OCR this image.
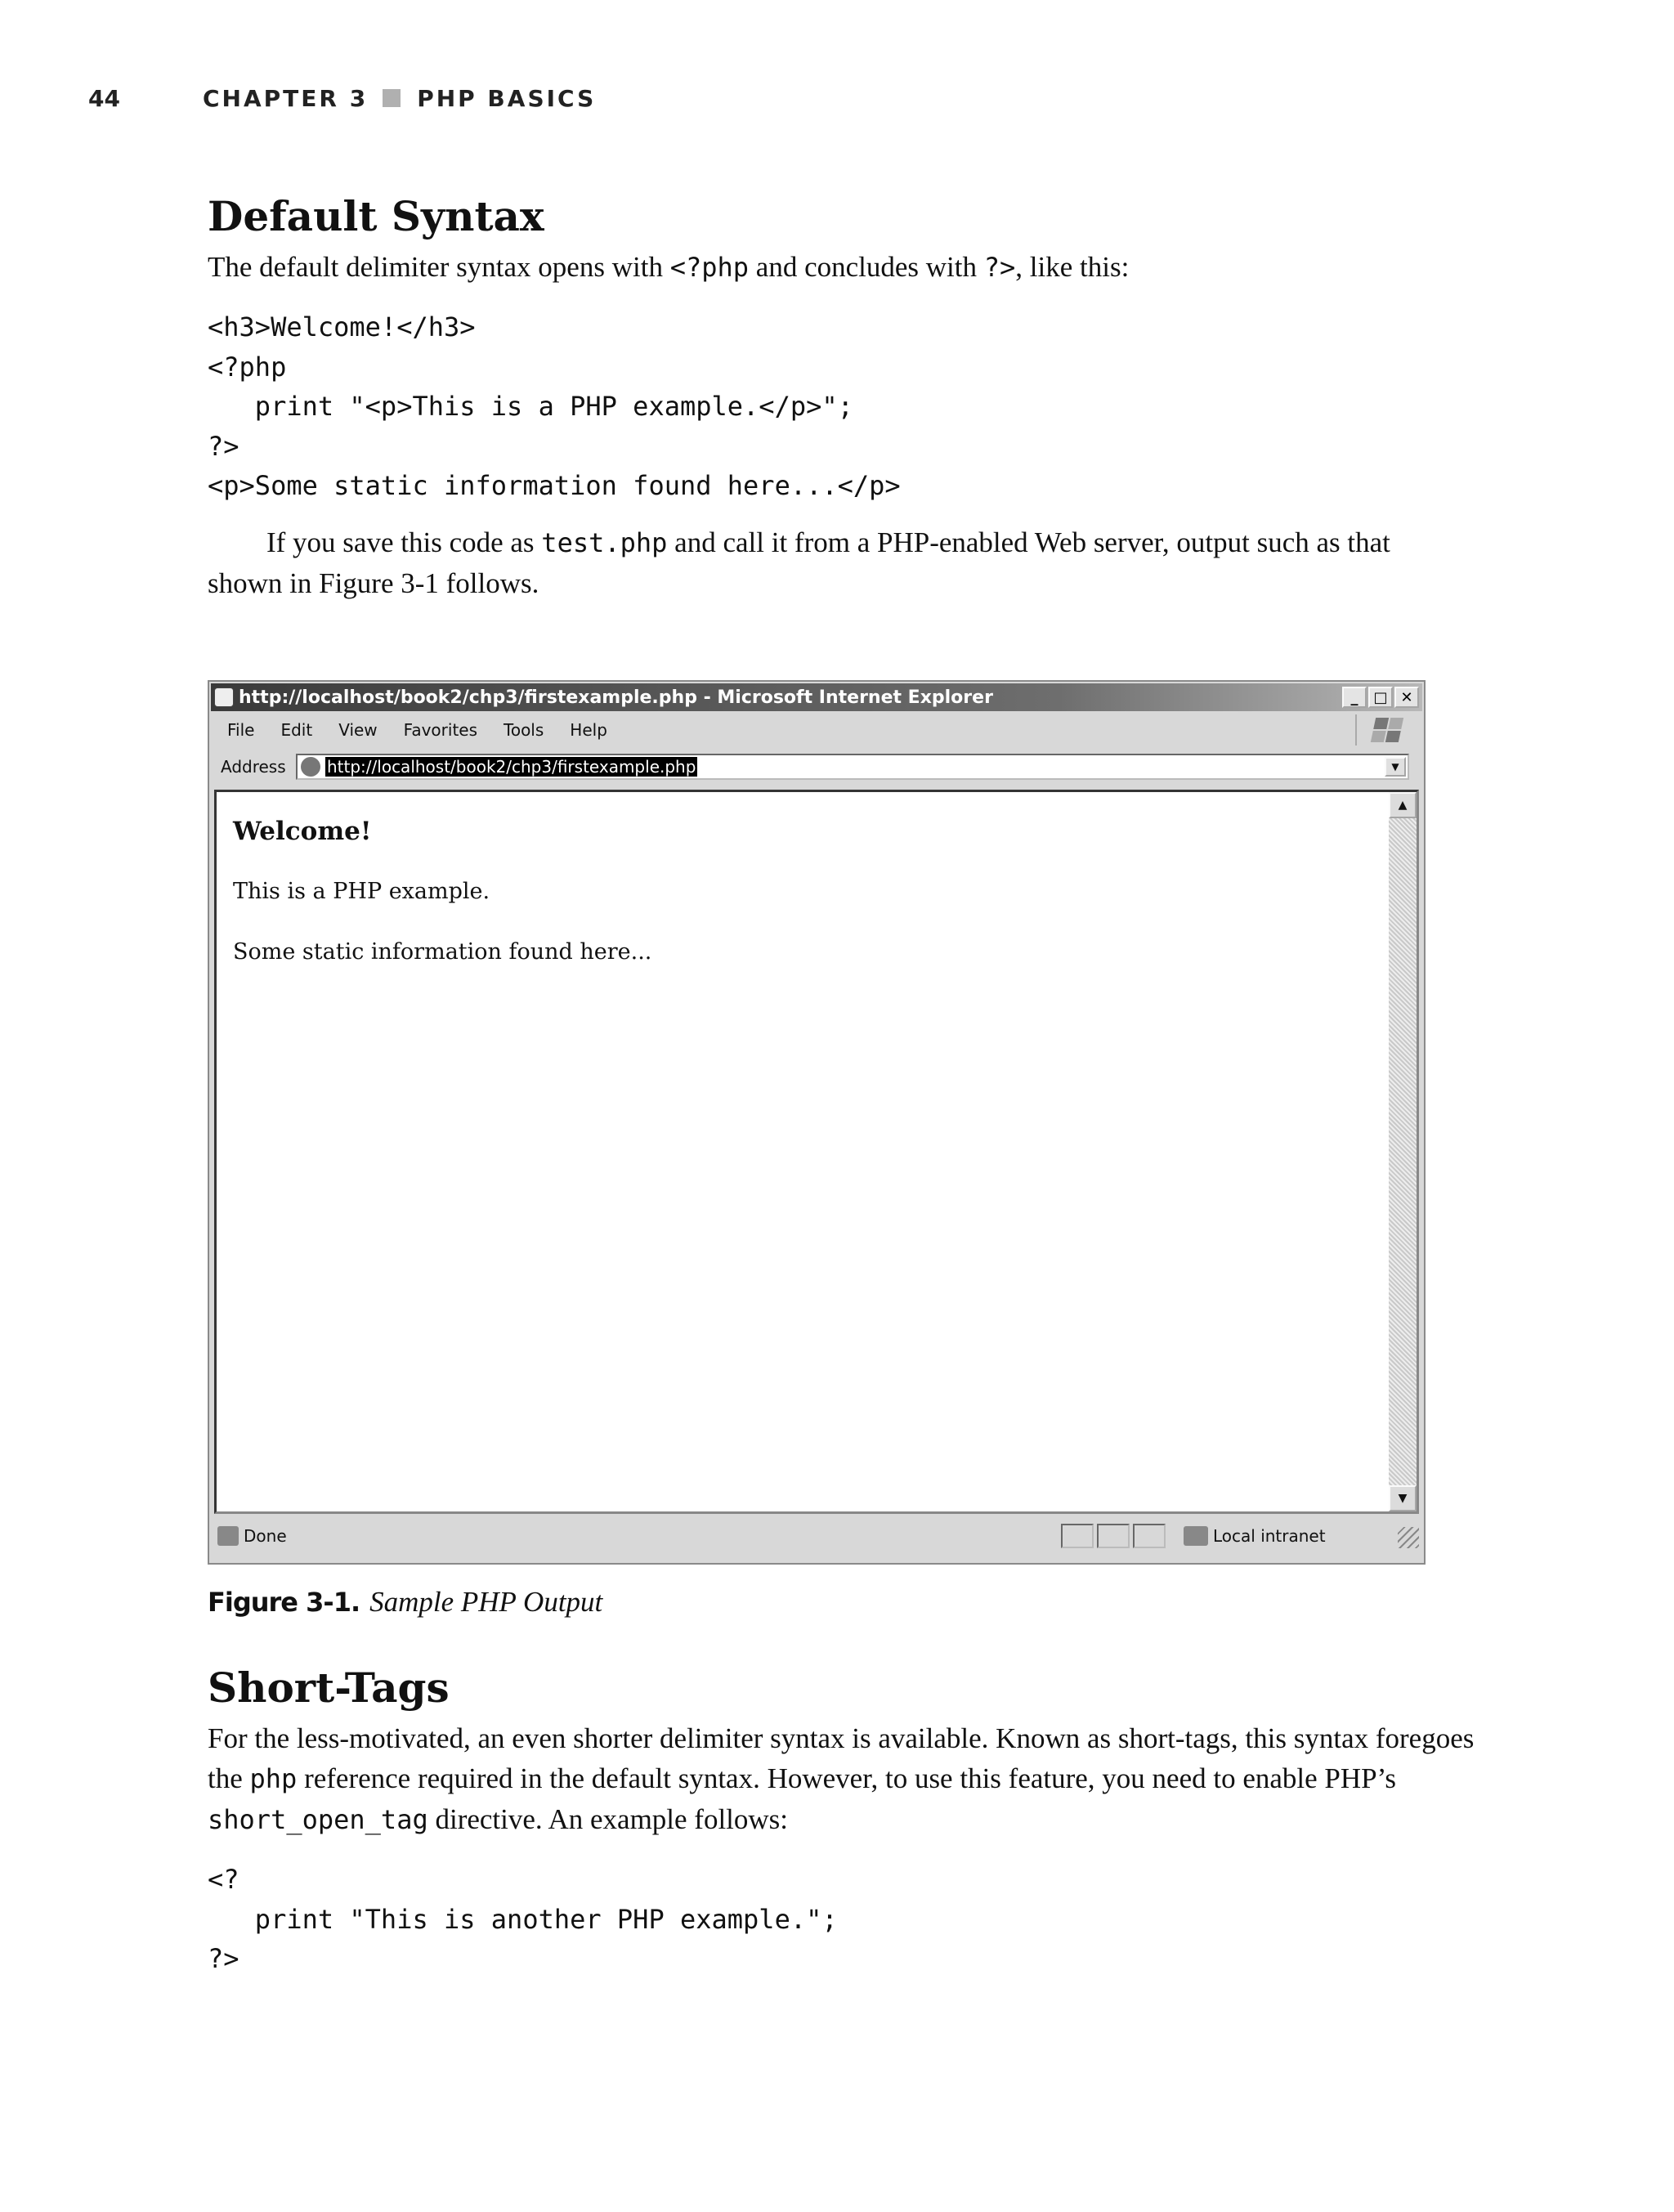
44	CHAPTER 3 PHP BASICS
Default Syntax

The default delimiter syntax opens with <?php and concludes with ?>, like this:

<h3>Welcome!</h3>
<?php
print "<p>This is a PHP example.</p>";
?>
<p>Some static information found here...</p>

If you save this code as test.php and call it from a PHP-enabled Web server, output such as that shown in Figure 3-1 follows.

http://localhost/book2/chp3/firstexample.php - Microsoft Internet Explorer	_	□ ✕
File Edit View Favorites Tools Help
Address	http://localhost/book2/chp3/firstexample.php	▼

Welcome!

This is a PHP example.

Some static information found here...

▲
▼
Done	Local intranet
Figure 3-1. Sample PHP Output
Short-Tags

For the less-motivated, an even shorter delimiter syntax is available. Known as short-tags, this syntax foregoes the php reference required in the default syntax. However, to use this feature, you need to enable PHP’s short_open_tag directive. An example follows:

<?
print "This is another PHP example.";
?>
